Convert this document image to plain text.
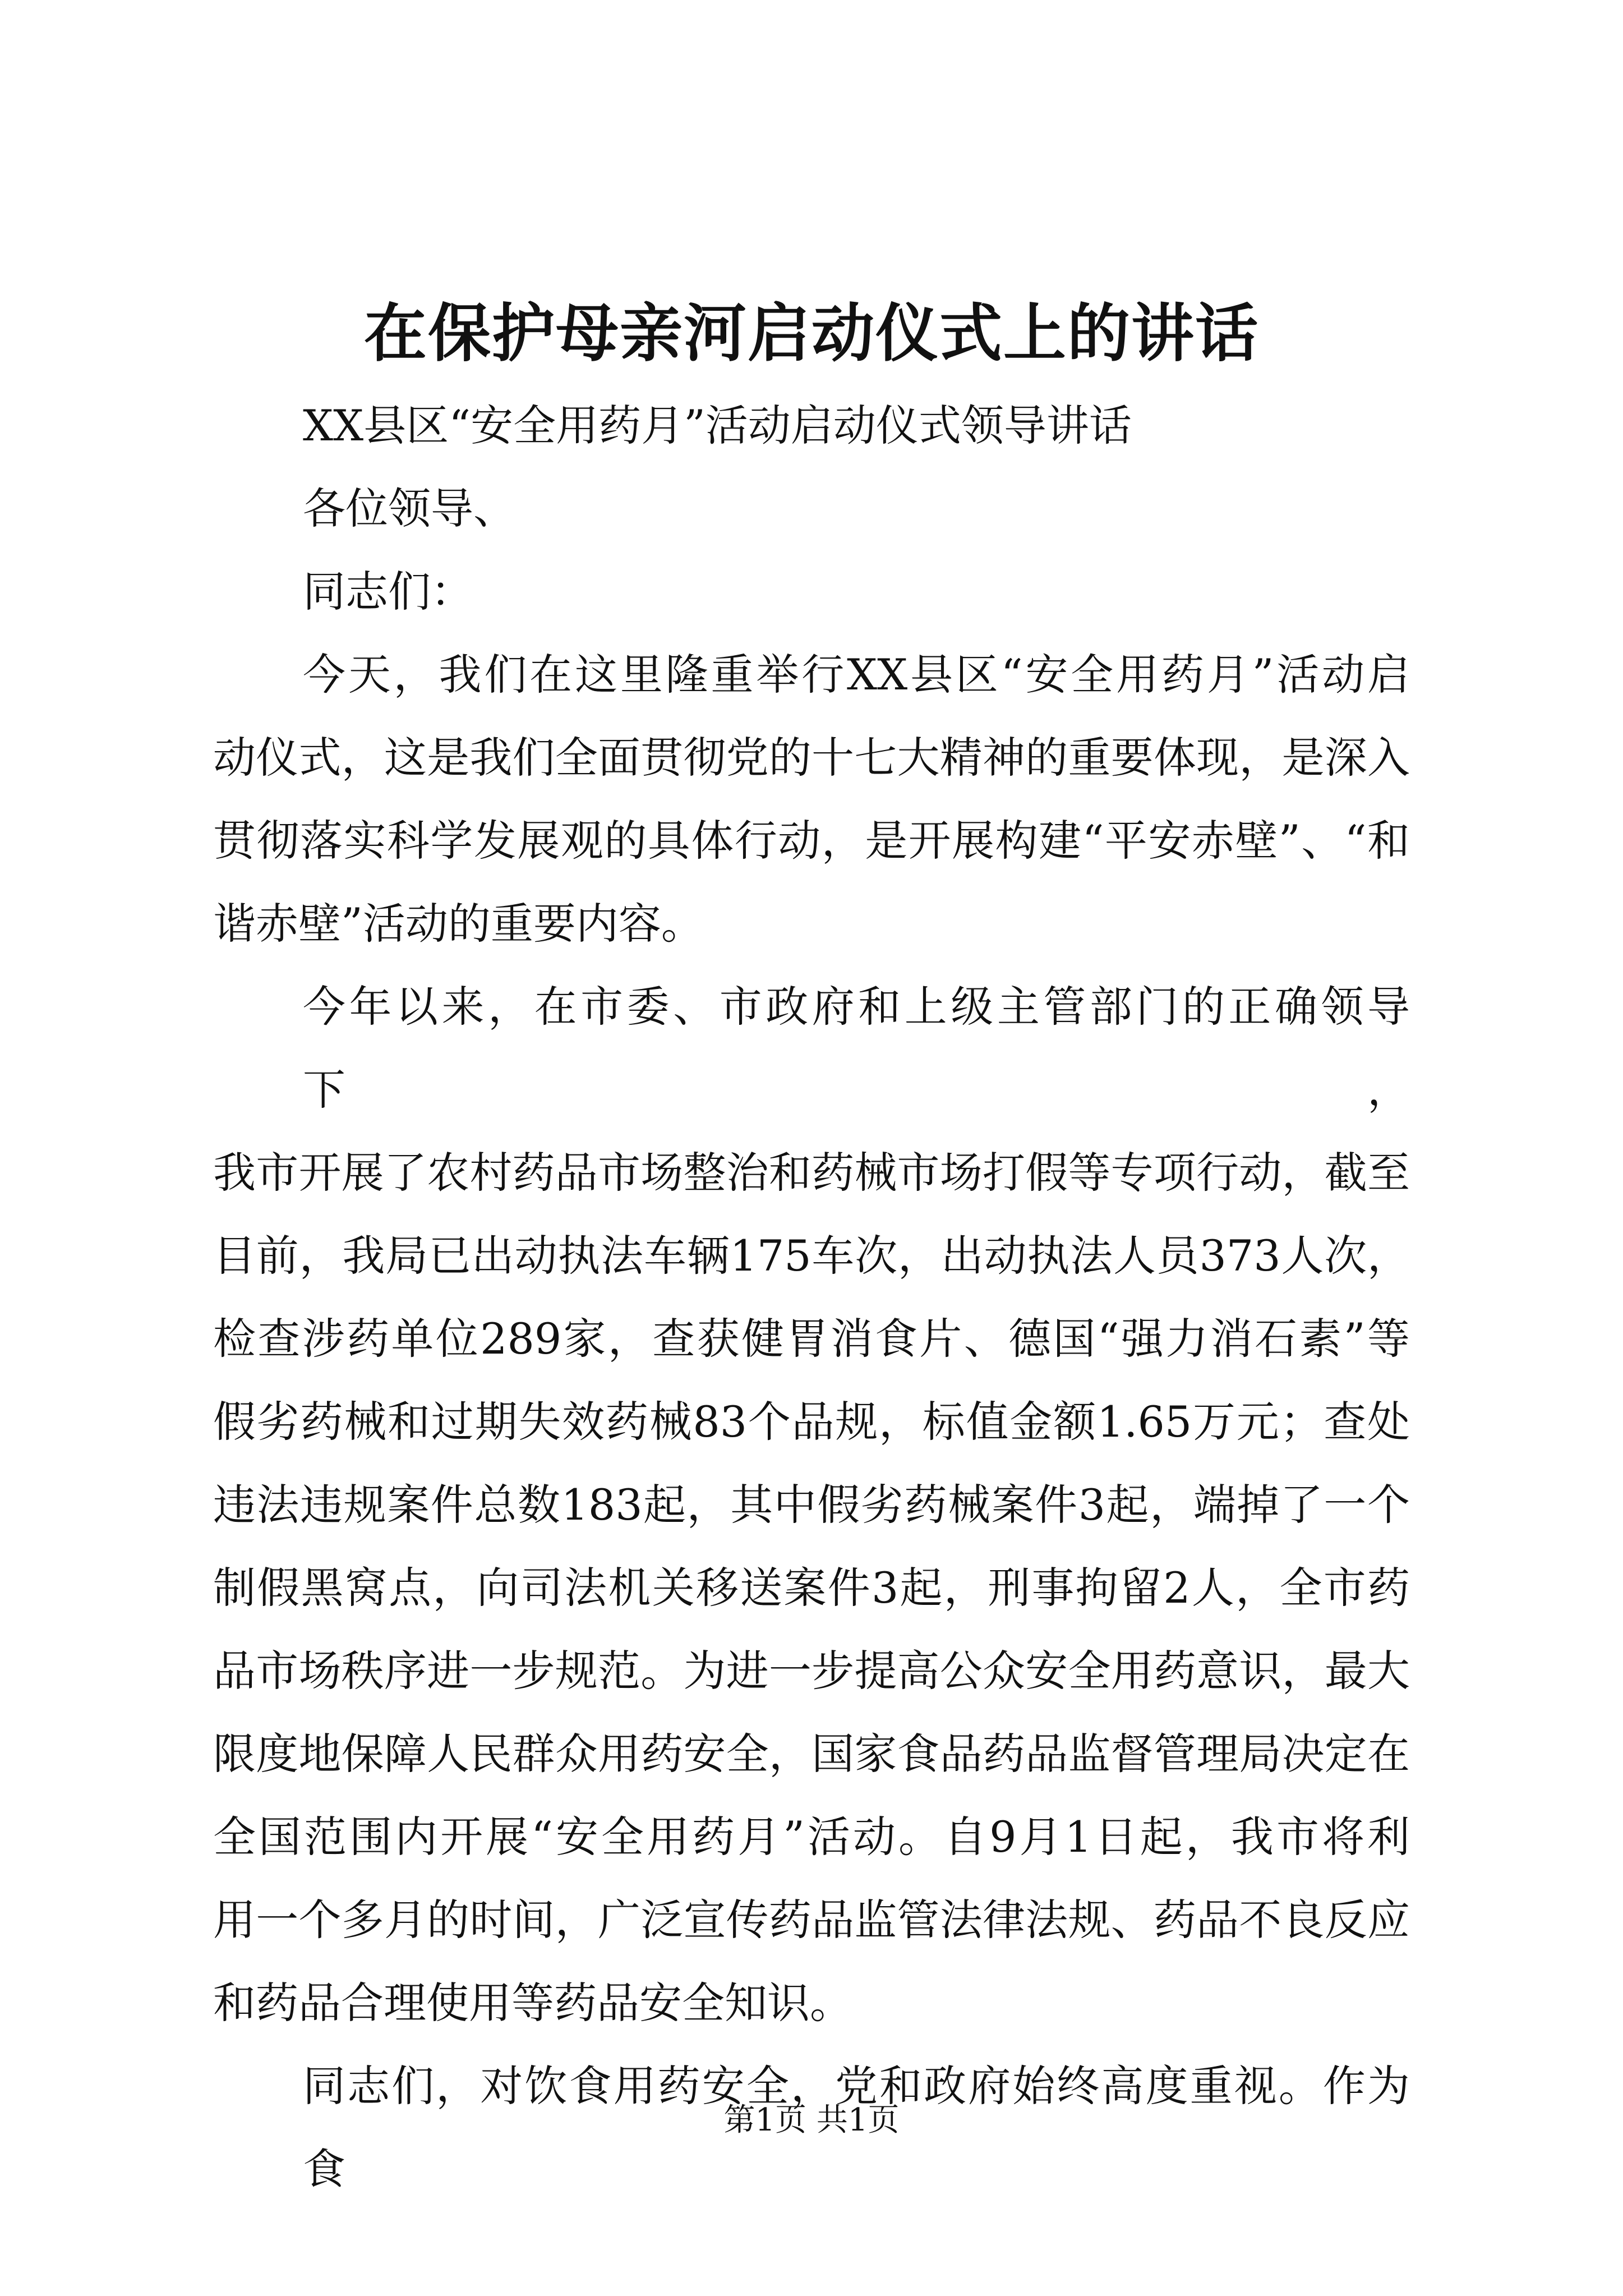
在保护母亲河启动仪式上的讲话
XX县区“安全用药月”活动启动仪式领导讲话
各位领导、
同志们：
今天，我们在这里隆重举行XX县区“安全用药月”活动启
动仪式，这是我们全面贯彻党的十七大精神的重要体现，是深入
贯彻落实科学发展观的具体行动，是开展构建“平安赤壁”、“和
谐赤壁”活动的重要内容。
今年以来，在市委、市政府和上级主管部门的正确领导下，
我市开展了农村药品市场整治和药械市场打假等专项行动，截至
目前，我局已出动执法车辆175车次，出动执法人员373人次，
检查涉药单位289家，查获健胃消食片、德国“强力消石素”等
假劣药械和过期失效药械83个品规，标值金额1.65万元；查处
违法违规案件总数183起，其中假劣药械案件3起，端掉了一个
制假黑窝点，向司法机关移送案件3起，刑事拘留2人，全市药
品市场秩序进一步规范。为进一步提高公众安全用药意识，最大
限度地保障人民群众用药安全，国家食品药品监督管理局决定在
全国范围内开展“安全用药月”活动。自9月1日起，我市将利
用一个多月的时间，广泛宣传药品监管法律法规、药品不良反应
和药品合理使用等药品安全知识。
同志们，对饮食用药安全，党和政府始终高度重视。作为食
第1页 共1页
